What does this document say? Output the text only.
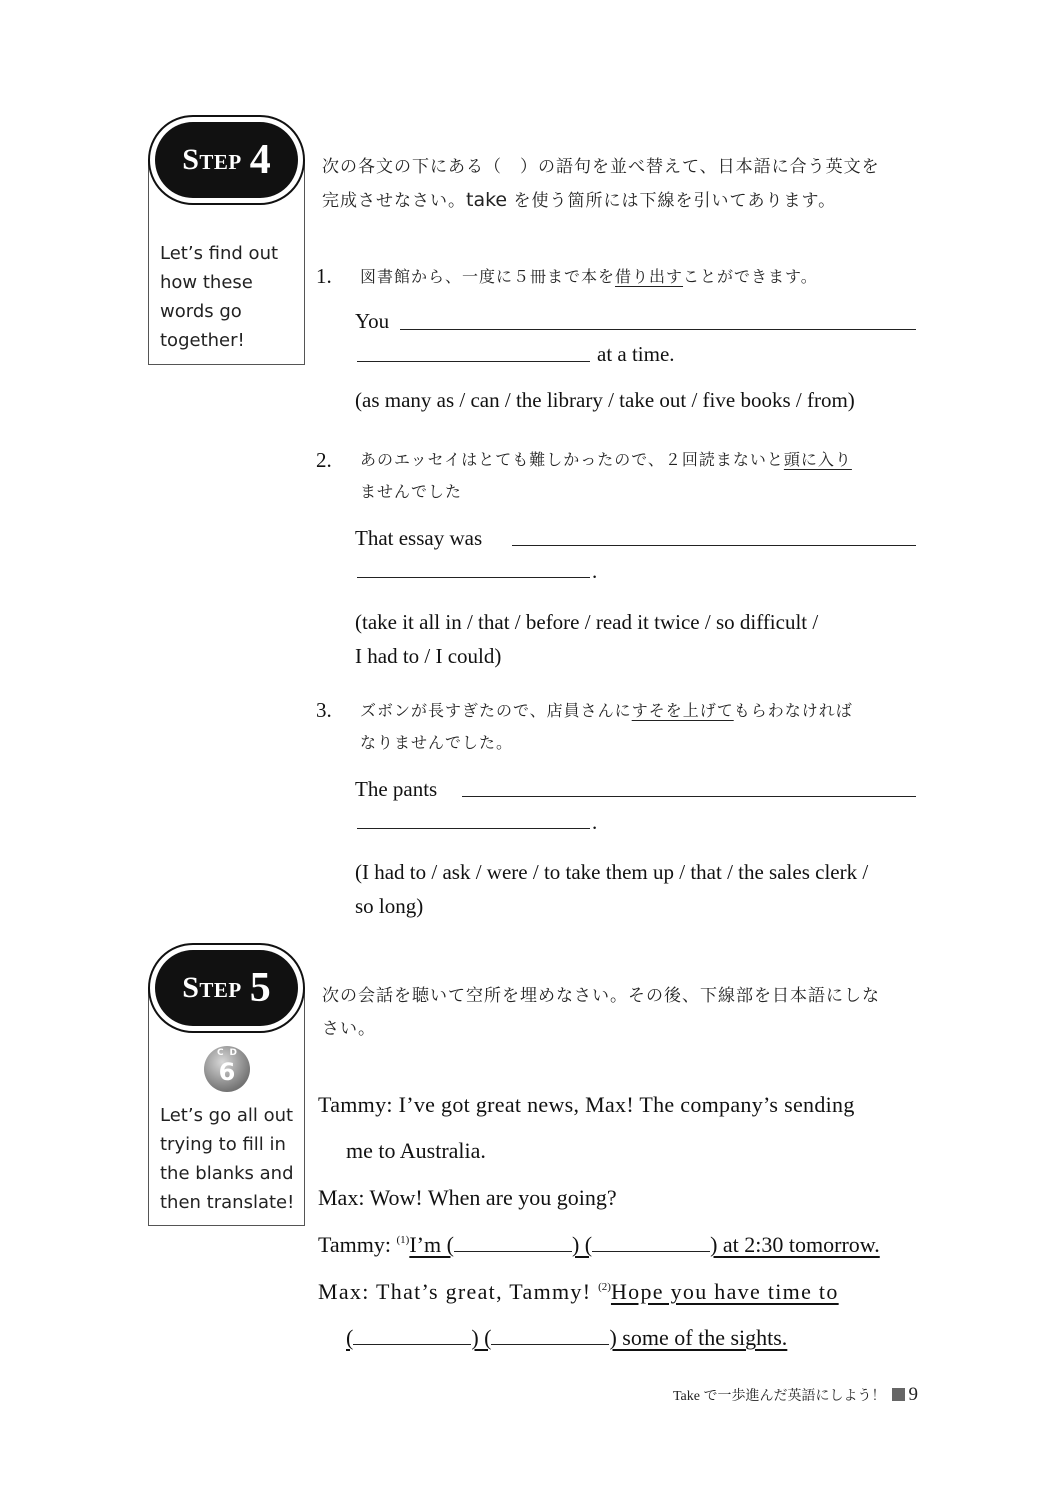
Step 4
Let’s find out
how these
words go
together!
次の各文の下にある（　）の語句を並べ替えて、日本語に合う英文を
完成させなさい。take を使う箇所には下線を引いてあります。
1. 図書館から、一度に５冊まで本を借り出すことができます。
You
at a time.
(as many as / can / the library / take out / five books / from)
2. あのエッセイはとても難しかったので、２回読まないと頭に入り
ませんでした
That essay was
.
(take it all in / that / before / read it twice / so difficult /
I had to / I could)
3. ズボンが長すぎたので、店員さんにすそを上げてもらわなければ
なりませんでした。
The pants
.
(I had to / ask / were / to take them up / that / the sales clerk /
so long)
Step 5
CD
6
Let’s go all out
trying to fill in
the blanks and
then translate!
次の会話を聴いて空所を埋めなさい。その後、下線部を日本語にしな
さい。
Tammy: I’ve got great news, Max! The company’s sending
me to Australia.
Max: Wow! When are you going?
Tammy: $^{(1)}$I’m (	) (	) at 2:30 tomorrow.
Max: That’s great, Tammy! $^{(2)}$Hope you have time to
(	) (	) some of the sights.
Take で一歩進んだ英語にしよう！ 9
